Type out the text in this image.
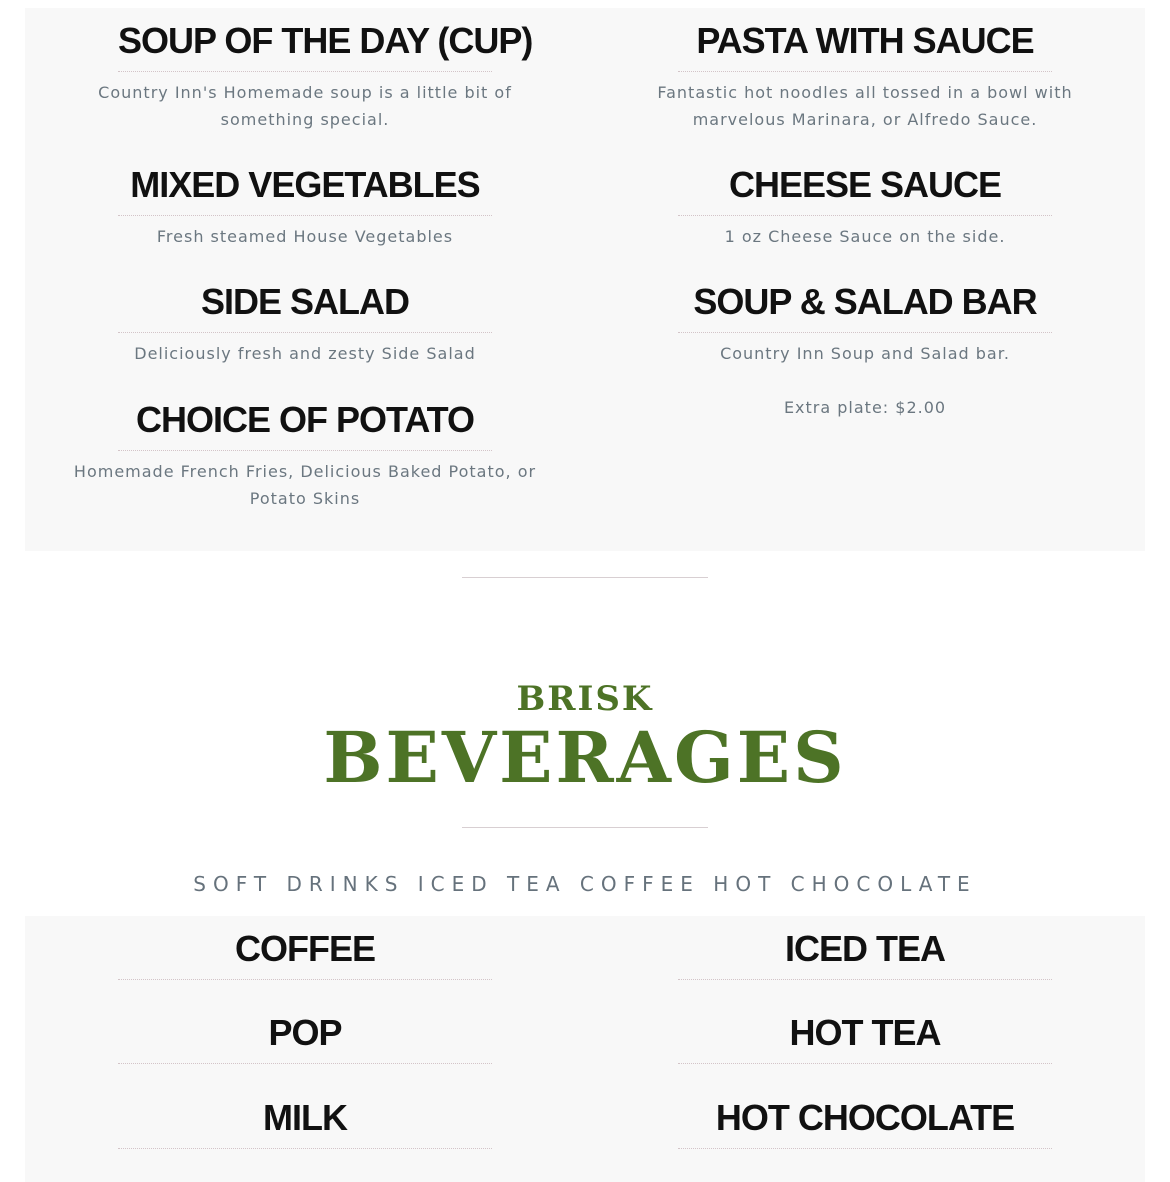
SOUP OF THE DAY (CUP)
Country Inn's Homemade soup is a little bit of something special.
MIXED VEGETABLES
Fresh steamed House Vegetables
SIDE SALAD
Deliciously fresh and zesty Side Salad
CHOICE OF POTATO
Homemade French Fries, Delicious Baked Potato, or Potato Skins
PASTA WITH SAUCE
Fantastic hot noodles all tossed in a bowl with marvelous Marinara, or Alfredo Sauce.
CHEESE SAUCE
1 oz Cheese Sauce on the side.
SOUP & SALAD BAR
Country Inn Soup and Salad bar.
Extra plate: $2.00
BRISK
BEVERAGES
SOFT DRINKS ICED TEA COFFEE HOT CHOCOLATE
COFFEE
POP
MILK
ICED TEA
HOT TEA
HOT CHOCOLATE
